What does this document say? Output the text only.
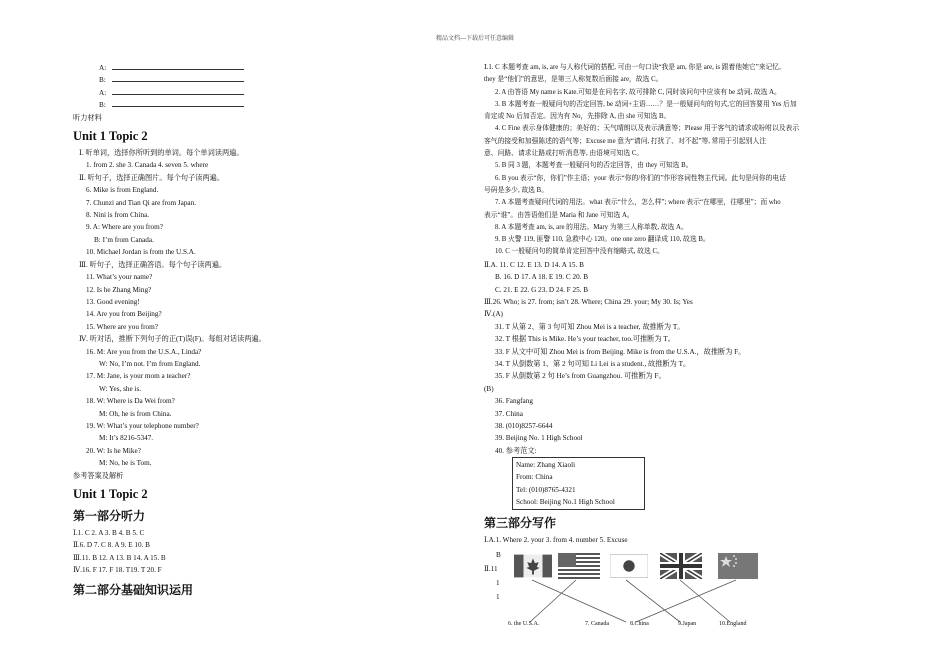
精品文档---下载后可任意编辑
A:
B:
A:
B:
听力材料
Unit 1 Topic 2
Ⅰ. 听单词，选择你所听到的单词。每个单词读两遍。
1. from 2. she 3. Canada 4. seven 5. where
Ⅱ. 听句子，选择正确图片。每个句子读两遍。
6. Mike is from England.
7. Chunzi and Tian Qi are from Japan.
8. Nini is from China.
9. A: Where are you from?
B: I’m from Canada.
10. Michael Jordan is from the U.S.A.
Ⅲ. 听句子，选择正确答语。每个句子读两遍。
11. What’s your name?
12. Is he Zhang Ming?
13. Good evening!
14. Are you from Beijing?
15. Where are you from?
Ⅳ. 听对话，推断下列句子的正(T)误(F)。每组对话读两遍。
16. M: Are you from the U.S.A., Linda?
W: No, I’m not. I’m from England.
17. M: Jane, is your mom a teacher?
W: Yes, she is.
18. W: Where is Da Wei from?
M: Oh, he is from China.
19. W: What’s your telephone number?
M: It’s 8216-5347.
20. W: Is he Mike?
M: No, he is Tom.
参考答案及解析
Unit 1 Topic 2
第一部分听力
Ⅰ.1. C 2. A 3. B 4. B 5. C
Ⅱ.6. D 7. C 8. A 9. E 10. B
Ⅲ.11. B 12. A 13. B 14. A 15. B
Ⅳ.16. F 17. F 18. T19. T 20. F
第二部分基础知识运用
Ⅰ.1. C 本题考查 am, is, are 与人称代词的搭配, 可由一句口诀“我是 am, 你是 are, is 跟着他她它”来记忆,
they 是“他们”的意思，是第三人称复数后面接 are，故选 C。
2. A 由答语 My name is Kate.可知是在问名字, 故可排除 C, 同时该问句中应该有 be 动词, 故选 A。
3. B 本题考查一般疑问句的否定回答, be 动词+主语……？是一般疑问句的句式,它的回答要用 Yes 后加
肯定或 No 后加否定。因为有 No，先排除 A, 由 she 可知选 B。
4. C Fine 表示身体健康的；美好的；天气晴朗以及表示满意等；Please 用于客气的请求或吩咐以及表示
客气的接受和加强陈述的语气等；Excuse me 意为“请问, 打扰了、对不起”等, 常用于引起别人注
意、问路、请求让路或打听消息等, 由语境可知选 C。
5. B 同 3 题，本题考查一般疑问句的否定回答，由 they 可知选 B。
6. B you 表示“你，你们”作主语；your 表示“你的/你们的”作形容词性物主代词。此句是问你的电话
号码是多少, 故选 B。
7. A 本题考查疑问代词的用法。what 表示“什么，怎么样”; where 表示“在哪里，往哪里”；而 who
表示“谁”。由答语他们是 Maria 和 Jane 可知选 A。
8. A 本题考查 am, is, are 的用法。Mary 为第三人称单数, 故选 A。
9. B 火警 119, 匪警 110, 急救中心 120。one one zero 翻译成 110, 故选 B。
10. C 一般疑问句的简单肯定回答中没有缩略式, 故选 C。
Ⅱ.A. 11. C 12. E 13. D 14. A 15. B
B. 16. D 17. A 18. E 19. C 20. B
C. 21. E 22. G 23. D 24. F 25. B
Ⅲ.26. Who; is 27. from; isn’t 28. Where; China 29. your; My 30. Is; Yes
Ⅳ.(A)
31. T 从第 2、第 3 句可知 Zhou Mei is a teacher, 故推断为 T。
32. T 根据 This is Mike. He’s your teacher, too.可推断为 T。
33. F 从文中可知 Zhou Mei is from Beijing. Mike is from the U.S.A.，故推断为 F。
34. T 从倒数第 1、第 2 句可知 Li Lei is a student., 故推断为 T。
35. F 从倒数第 2 句 He’s from Guangzhou. 可推断为 F。
(B)
36. Fangfang
37. China
38. (010)8257-6644
39. Beijing No. 1 High School
40. 参考范文:
Name: Zhang Xiaoli
From: China
Tel: (010)8765-4321
School: Beijing No.1 High School
第三部分写作
Ⅰ.A.1. Where 2. your 3. from 4. number 5. Excuse
B
Ⅱ.11
1
1
6. the U.S.A.	7. Canada	8.China	9.Japan	10.England
